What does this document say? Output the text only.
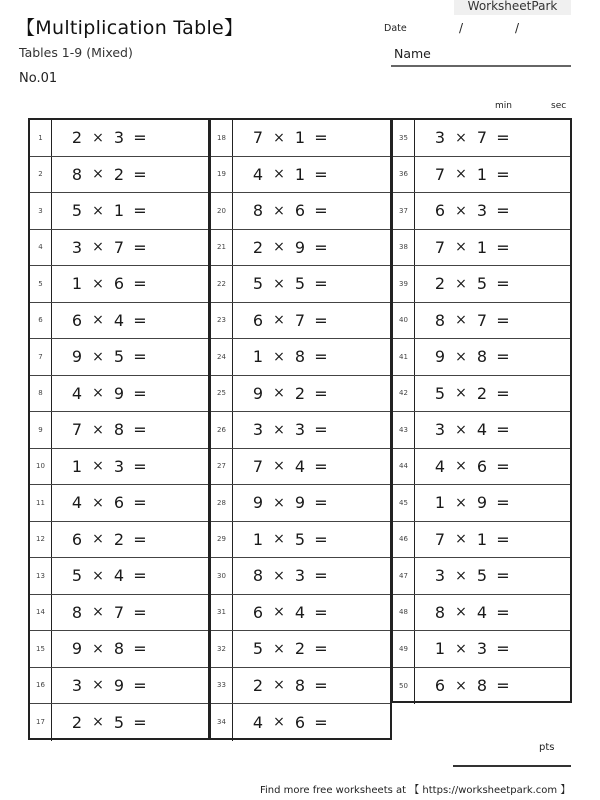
WorksheetPark
【Multiplication Table】
Tables 1-9 (Mixed)
No.01
Date	/	/
Name
min	sec
1	2 × 3 =
2	8 × 2 =
3	5 × 1 =
4	3 × 7 =
5	1 × 6 =
6	6 × 4 =
7	9 × 5 =
8	4 × 9 =
9	7 × 8 =
10	1 × 3 =
11	4 × 6 =
12	6 × 2 =
13	5 × 4 =
14	8 × 7 =
15	9 × 8 =
16	3 × 9 =
17	2 × 5 =
18	7 × 1 =
19	4 × 1 =
20	8 × 6 =
21	2 × 9 =
22	5 × 5 =
23	6 × 7 =
24	1 × 8 =
25	9 × 2 =
26	3 × 3 =
27	7 × 4 =
28	9 × 9 =
29	1 × 5 =
30	8 × 3 =
31	6 × 4 =
32	5 × 2 =
33	2 × 8 =
34	4 × 6 =
35	3 × 7 =
36	7 × 1 =
37	6 × 3 =
38	7 × 1 =
39	2 × 5 =
40	8 × 7 =
41	9 × 8 =
42	5 × 2 =
43	3 × 4 =
44	4 × 6 =
45	1 × 9 =
46	7 × 1 =
47	3 × 5 =
48	8 × 4 =
49	1 × 3 =
50	6 × 8 =
pts
Find more free worksheets at 【 https://worksheetpark.com 】
